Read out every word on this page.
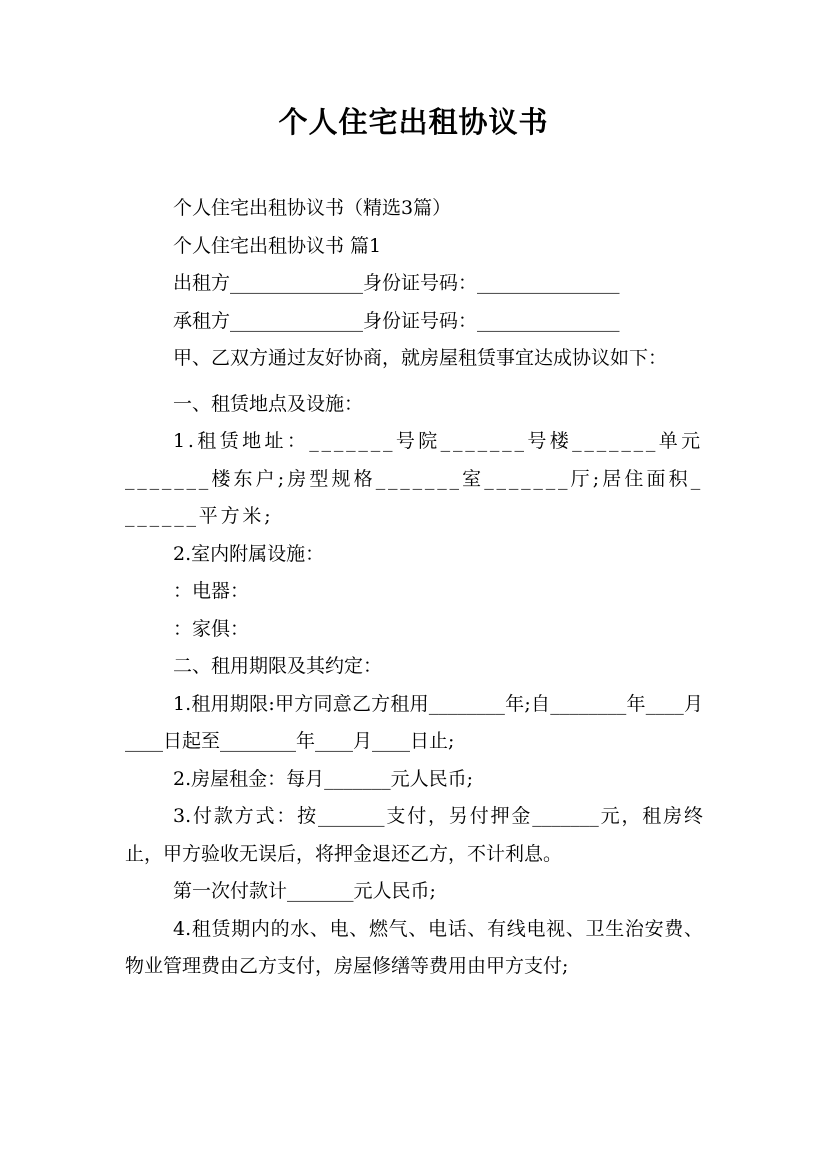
个人住宅出租协议书

个人住宅出租协议书（精选3篇）

个人住宅出租协议书 篇1

出租方______________身份证号码：_______________

承租方______________身份证号码：_______________

甲、乙双方通过友好协商，就房屋租赁事宜达成协议如下：

一、租赁地点及设施：

1.租赁地址：_______号院_______号楼_______单元_______楼东户;房型规格_______室_______厅;居住面积_______平方米;

2.室内附属设施：

：电器：

：家俱：

二、租用期限及其约定：

1.租用期限:甲方同意乙方租用________年;自________年____月____日起至________年____月____日止;

2.房屋租金：每月_______元人民币;

3.付款方式：按_______支付，另付押金_______元，租房终止，甲方验收无误后，将押金退还乙方，不计利息。

第一次付款计_______元人民币;

4.租赁期内的水、电、燃气、电话、有线电视、卫生治安费、物业管理费由乙方支付，房屋修缮等费用由甲方支付;
